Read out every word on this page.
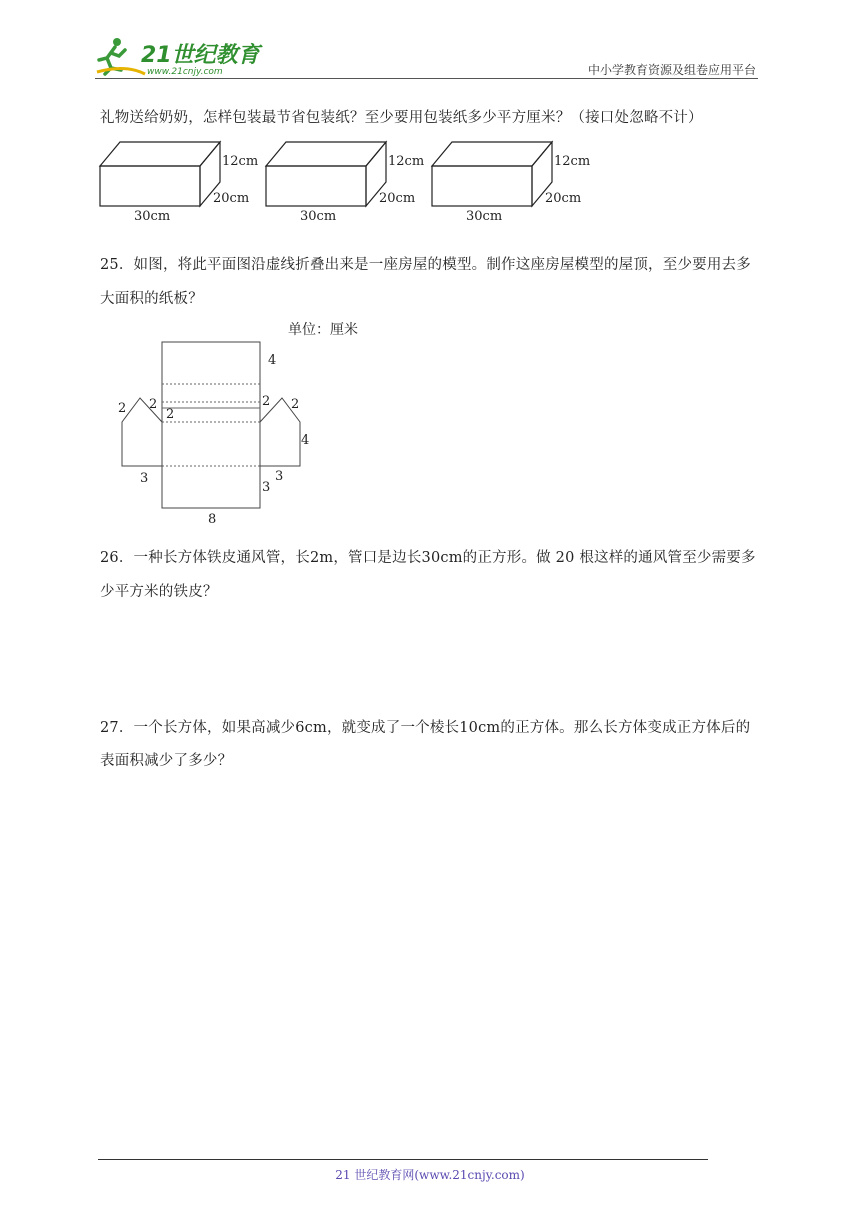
21世纪教育
www.21cnjy.com	中小学教育资源及组卷应用平台
礼物送给奶奶，怎样包装最节省包装纸？至少要用包装纸多少平方厘米？（接口处忽略不计）
12cm
20cm
30cm
12cm
20cm
30cm
12cm
20cm
30cm
25．如图，将此平面图沿虚线折叠出来是一座房屋的模型。制作这座房屋模型的屋顶，至少要用去多
大面积的纸板？
单位：厘米
4
2 2
2
2 2
4
3
3
3
8
26．一种长方体铁皮通风管，长2m，管口是边长30cm的正方形。做 20 根这样的通风管至少需要多
少平方米的铁皮？
27．一个长方体，如果高减少6cm，就变成了一个棱长10cm的正方体。那么长方体变成正方体后的
表面积减少了多少？
21 世纪教育网(www.21cnjy.com)
